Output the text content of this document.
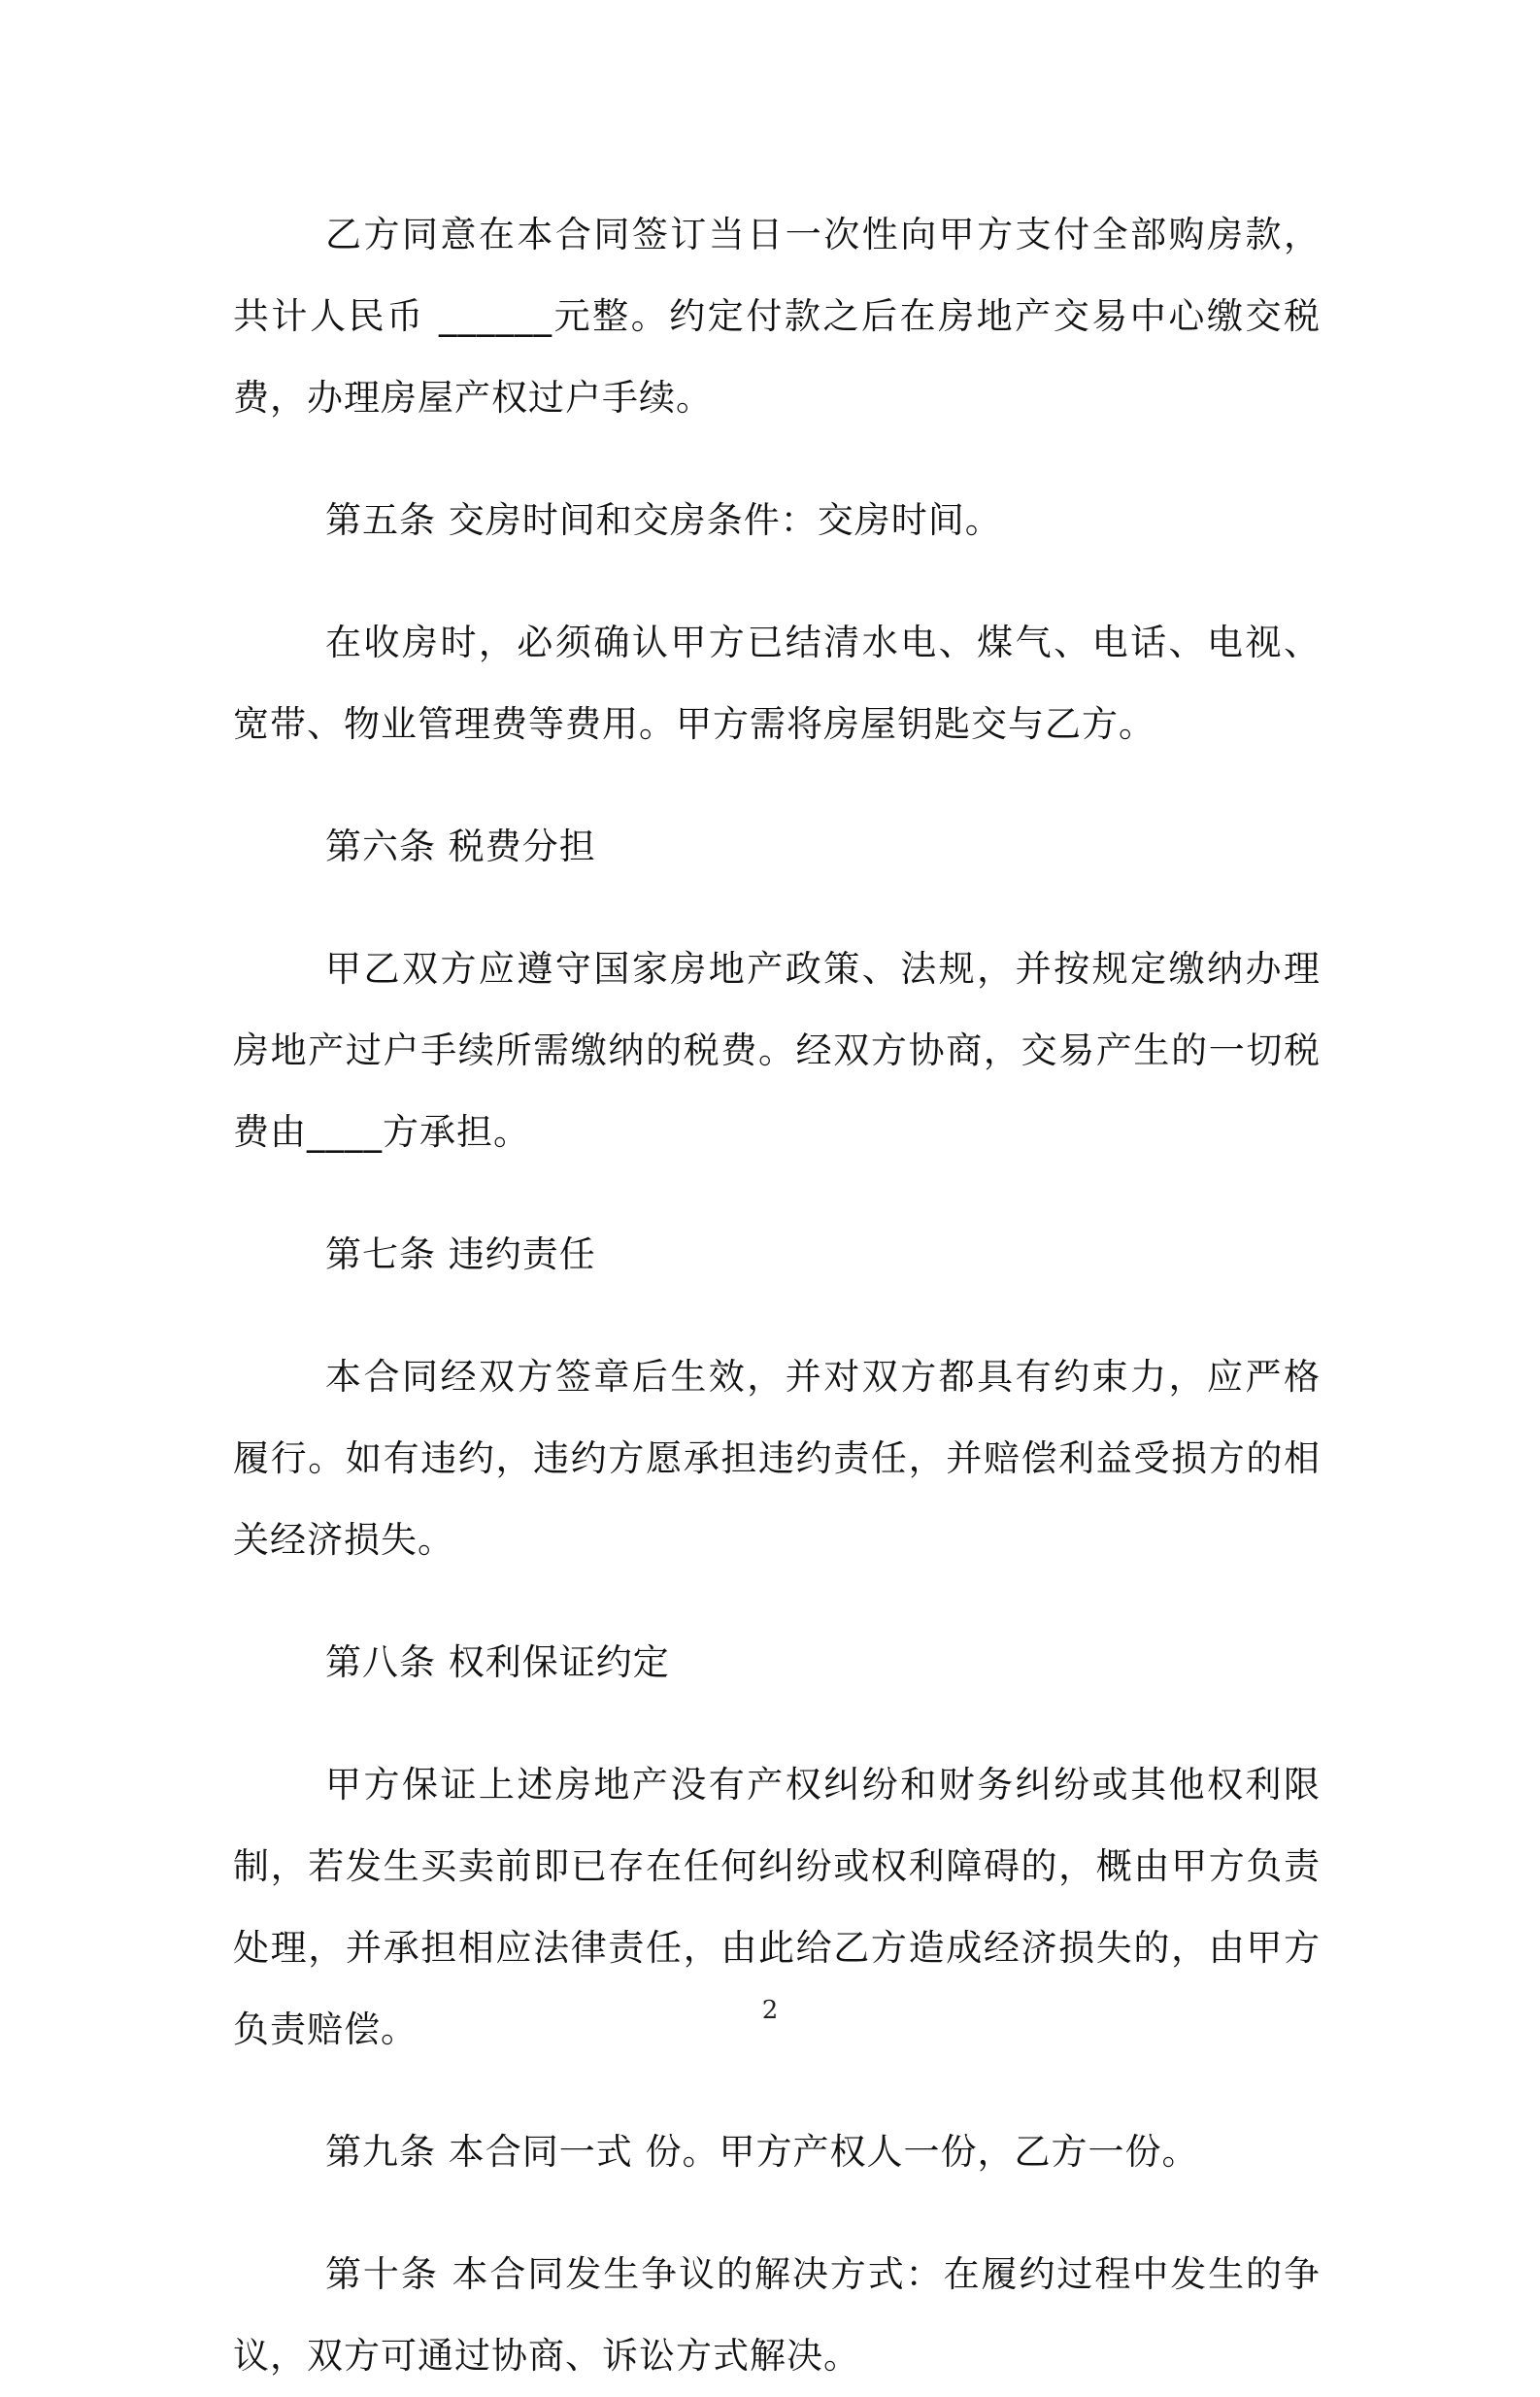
乙方同意在本合同签订当日一次性向甲方支付全部购房款，共计人民币 ______元整。约定付款之后在房地产交易中心缴交税费，办理房屋产权过户手续。

第五条 交房时间和交房条件：交房时间。

在收房时，必须确认甲方已结清水电、煤气、电话、电视、宽带、物业管理费等费用。甲方需将房屋钥匙交与乙方。

第六条 税费分担

甲乙双方应遵守国家房地产政策、法规，并按规定缴纳办理房地产过户手续所需缴纳的税费。经双方协商，交易产生的一切税费由____方承担。

第七条 违约责任

本合同经双方签章后生效，并对双方都具有约束力，应严格履行。如有违约，违约方愿承担违约责任，并赔偿利益受损方的相关经济损失。

第八条 权利保证约定

甲方保证上述房地产没有产权纠纷和财务纠纷或其他权利限制，若发生买卖前即已存在任何纠纷或权利障碍的，概由甲方负责处理，并承担相应法律责任，由此给乙方造成经济损失的，由甲方负责赔偿。

第九条 本合同一式 份。甲方产权人一份，乙方一份。

第十条 本合同发生争议的解决方式：在履约过程中发生的争议，双方可通过协商、诉讼方式解决。

2
